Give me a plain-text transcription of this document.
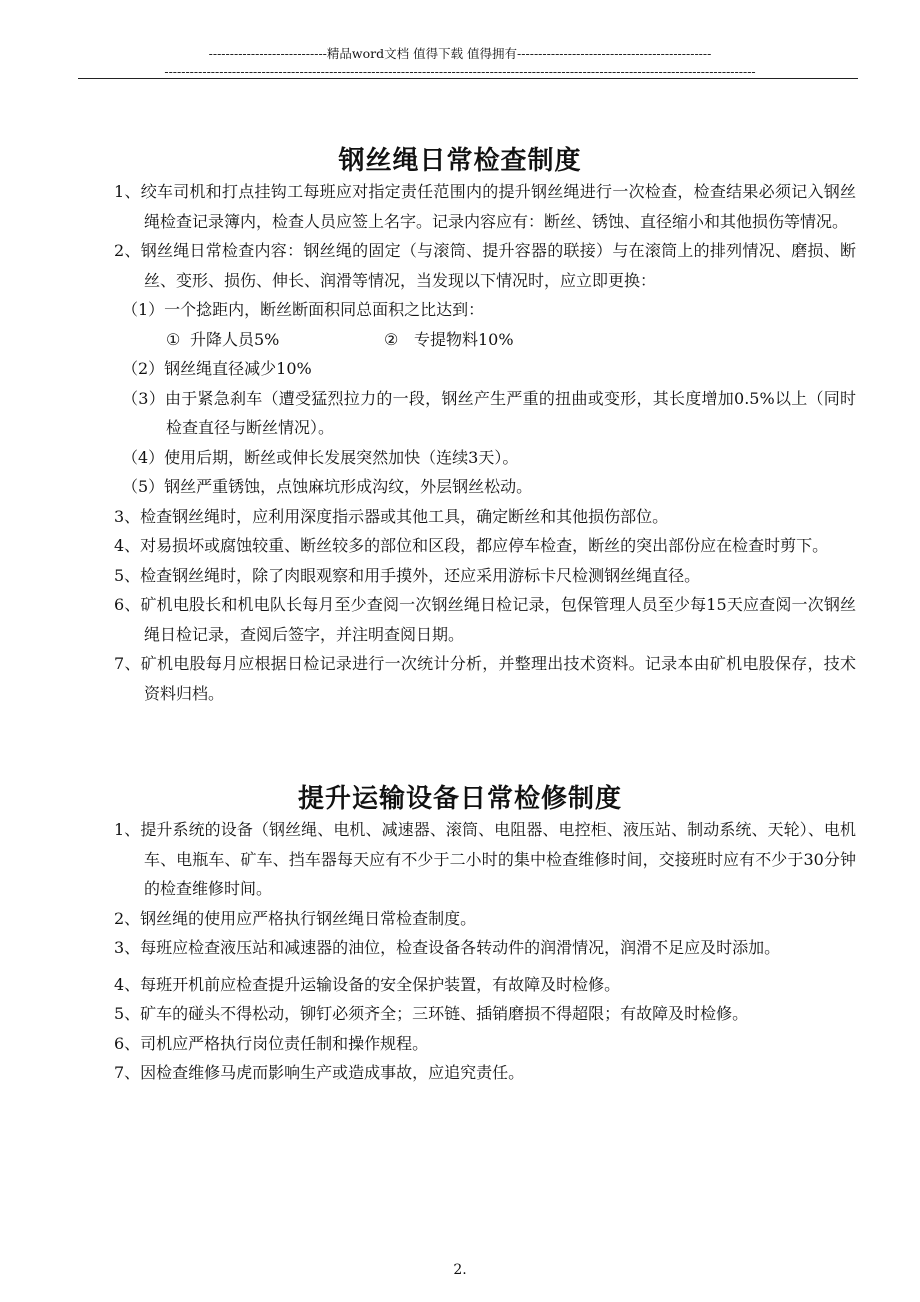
----------------------------精品word文档 值得下载 值得拥有----------------------------------------------
--------------------------------------------------------------------------------------------------------------------------------------------
钢丝绳日常检查制度

1、绞车司机和打点挂钩工每班应对指定责任范围内的提升钢丝绳进行一次检查，检查结果必须记入钢丝绳检查记录簿内，检查人员应签上名字。记录内容应有：断丝、锈蚀、直径缩小和其他损伤等情况。

2、钢丝绳日常检查内容：钢丝绳的固定（与滚筒、提升容器的联接）与在滚筒上的排列情况、磨损、断丝、变形、损伤、伸长、润滑等情况，当发现以下情况时，应立即更换：

（1）一个捻距内，断丝断面积同总面积之比达到：

① 升降人员5%	② 专提物料10%

（2）钢丝绳直径减少10%

（3）由于紧急刹车（遭受猛烈拉力的一段，钢丝产生严重的扭曲或变形，其长度增加0.5%以上（同时检查直径与断丝情况）。

（4）使用后期，断丝或伸长发展突然加快（连续3天）。

（5）钢丝严重锈蚀，点蚀麻坑形成沟纹，外层钢丝松动。

3、检查钢丝绳时，应利用深度指示器或其他工具，确定断丝和其他损伤部位。

4、对易损坏或腐蚀较重、断丝较多的部位和区段，都应停车检查，断丝的突出部份应在检查时剪下。

5、检查钢丝绳时，除了肉眼观察和用手摸外，还应采用游标卡尺检测钢丝绳直径。

6、矿机电股长和机电队长每月至少查阅一次钢丝绳日检记录，包保管理人员至少每15天应查阅一次钢丝绳日检记录，查阅后签字，并注明查阅日期。

7、矿机电股每月应根据日检记录进行一次统计分析，并整理出技术资料。记录本由矿机电股保存，技术资料归档。

提升运输设备日常检修制度

1、提升系统的设备（钢丝绳、电机、减速器、滚筒、电阻器、电控柜、液压站、制动系统、天轮）、电机车、电瓶车、矿车、挡车器每天应有不少于二小时的集中检查维修时间，交接班时应有不少于30分钟的检查维修时间。

2、钢丝绳的使用应严格执行钢丝绳日常检查制度。

3、每班应检查液压站和减速器的油位，检查设备各转动件的润滑情况，润滑不足应及时添加。

4、每班开机前应检查提升运输设备的安全保护装置，有故障及时检修。

5、矿车的碰头不得松动，铆钉必须齐全；三环链、插销磨损不得超限；有故障及时检修。

6、司机应严格执行岗位责任制和操作规程。

7、因检查维修马虎而影响生产或造成事故，应追究责任。

2.
